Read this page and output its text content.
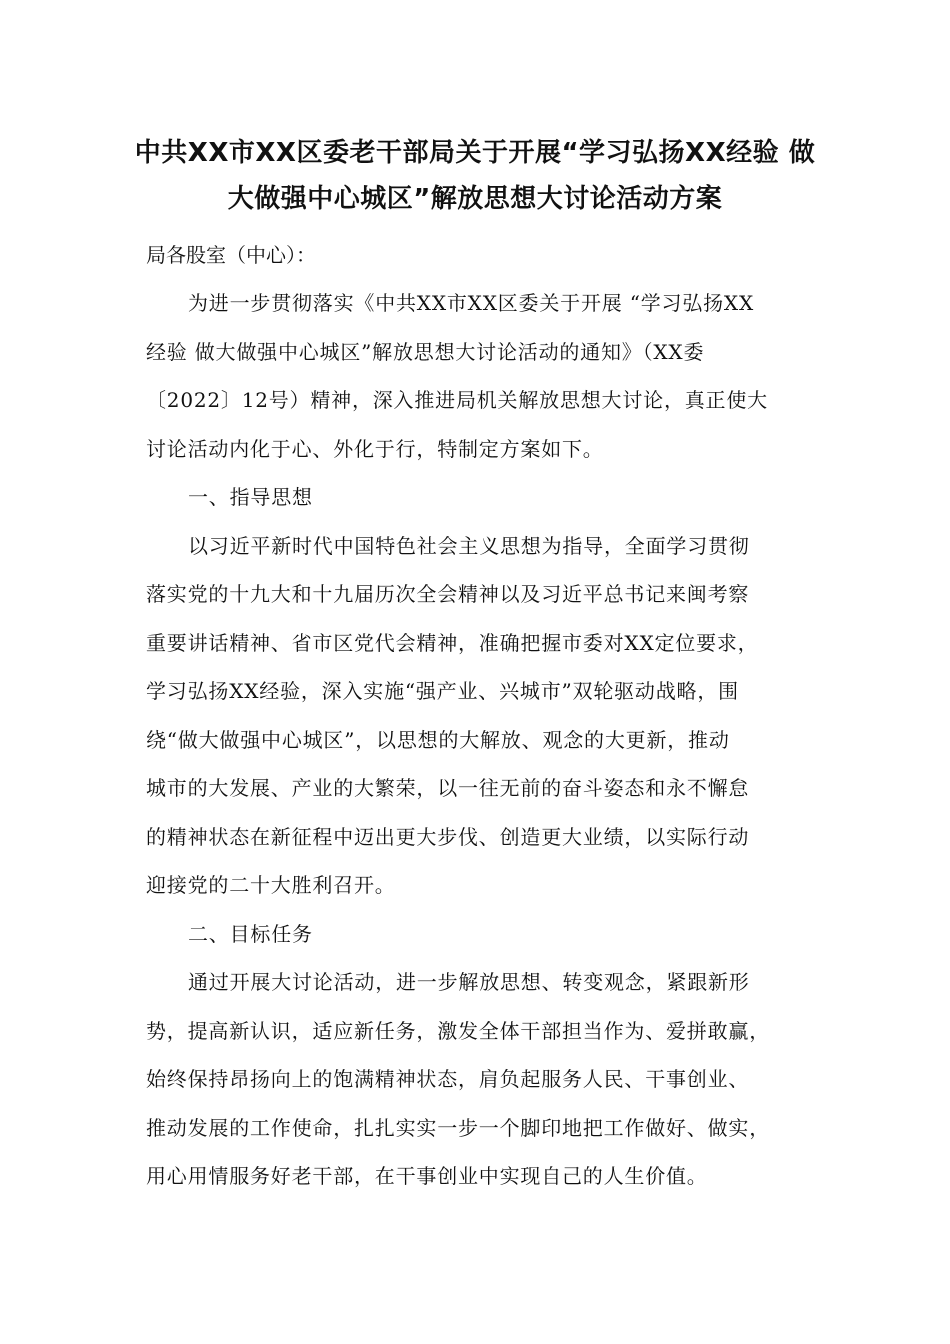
中共XX市XX区委老干部局关于开展“学习弘扬XX经验 做
大做强中心城区”解放思想大讨论活动方案

局各股室（中心）：

为进一步贯彻落实《中共XX市XX区委关于开展 “学习弘扬XX
经验 做大做强中心城区”解放思想大讨论活动的通知》（XX委
〔2022〕12号）精神，深入推进局机关解放思想大讨论，真正使大
讨论活动内化于心、外化于行，特制定方案如下。

一、指导思想

以习近平新时代中国特色社会主义思想为指导，全面学习贯彻
落实党的十九大和十九届历次全会精神以及习近平总书记来闽考察
重要讲话精神、省市区党代会精神，准确把握市委对XX定位要求，
学习弘扬XX经验，深入实施“强产业、兴城市”双轮驱动战略，围
绕“做大做强中心城区”，以思想的大解放、观念的大更新，推动
城市的大发展、产业的大繁荣，以一往无前的奋斗姿态和永不懈怠
的精神状态在新征程中迈出更大步伐、创造更大业绩，以实际行动
迎接党的二十大胜利召开。

二、目标任务

通过开展大讨论活动，进一步解放思想、转变观念，紧跟新形
势，提高新认识，适应新任务，激发全体干部担当作为、爱拼敢赢，
始终保持昂扬向上的饱满精神状态，肩负起服务人民、干事创业、
推动发展的工作使命，扎扎实实一步一个脚印地把工作做好、做实，
用心用情服务好老干部，在干事创业中实现自己的人生价值。
